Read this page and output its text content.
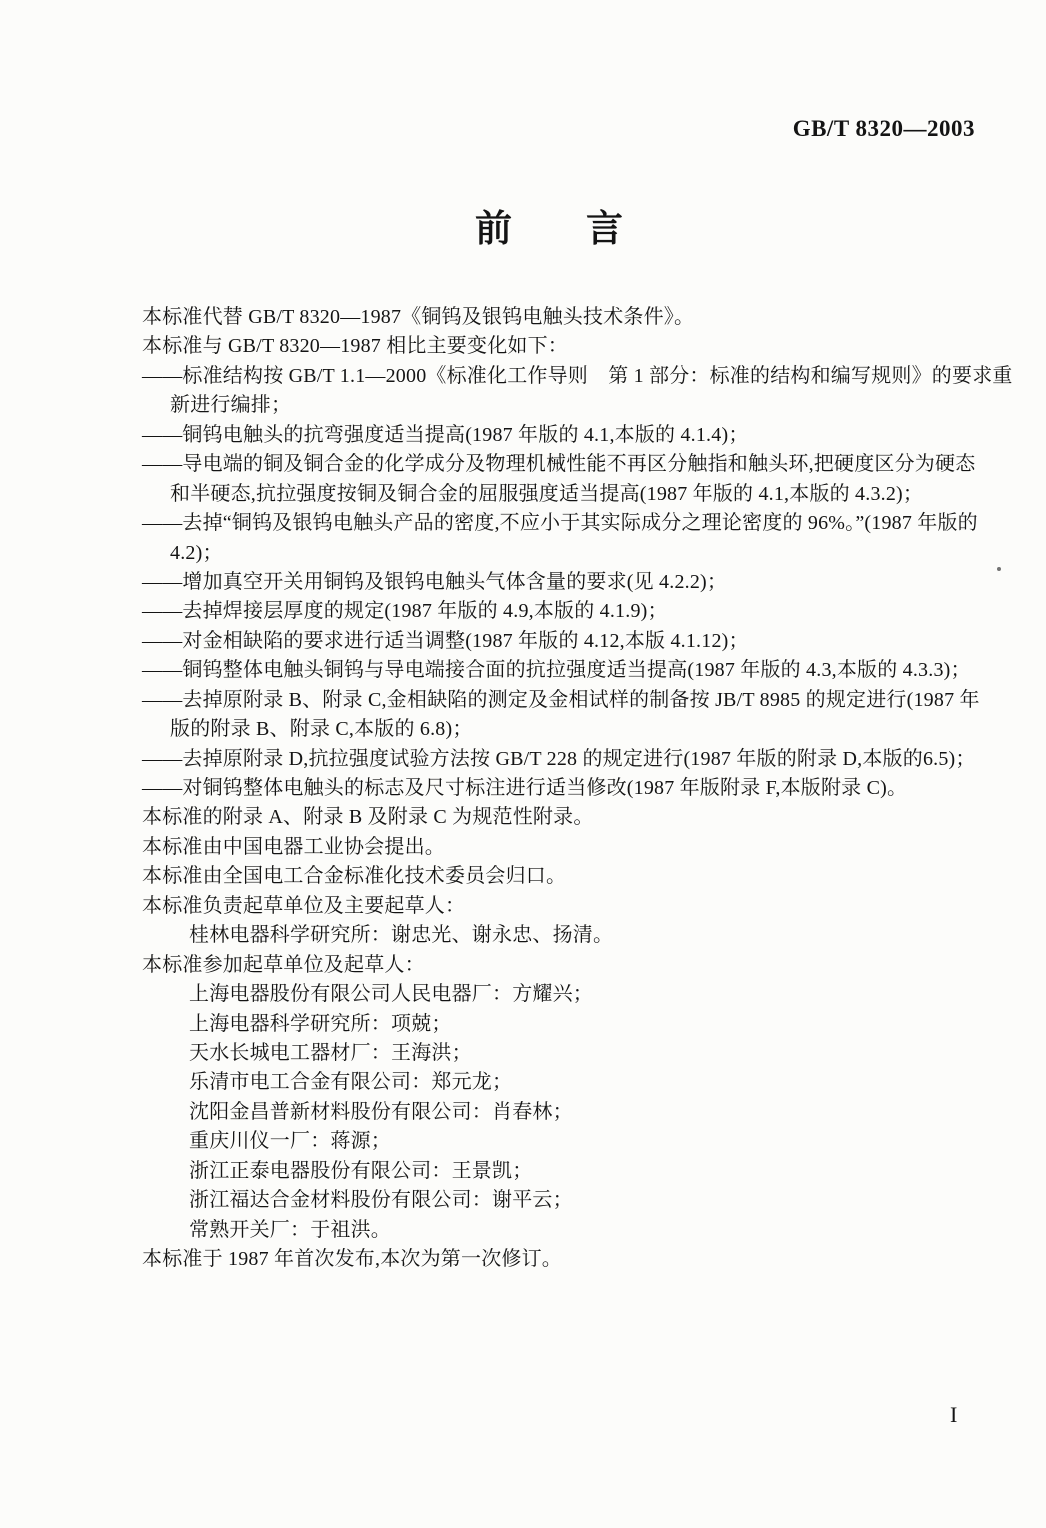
GB/T 8320—2003
前　　言
本标准代替 GB/T 8320—1987《铜钨及银钨电触头技术条件》。
本标准与 GB/T 8320—1987 相比主要变化如下：
——标准结构按 GB/T 1.1—2000《标准化工作导则　第 1 部分：标准的结构和编写规则》的要求重
新进行编排；
——铜钨电触头的抗弯强度适当提高(1987 年版的 4.1,本版的 4.1.4)；
——导电端的铜及铜合金的化学成分及物理机械性能不再区分触指和触头环,把硬度区分为硬态
和半硬态,抗拉强度按铜及铜合金的屈服强度适当提高(1987 年版的 4.1,本版的 4.3.2)；
——去掉“铜钨及银钨电触头产品的密度,不应小于其实际成分之理论密度的 96%。”(1987 年版的
4.2)；
——增加真空开关用铜钨及银钨电触头气体含量的要求(见 4.2.2)；
——去掉焊接层厚度的规定(1987 年版的 4.9,本版的 4.1.9)；
——对金相缺陷的要求进行适当调整(1987 年版的 4.12,本版 4.1.12)；
——铜钨整体电触头铜钨与导电端接合面的抗拉强度适当提高(1987 年版的 4.3,本版的 4.3.3)；
——去掉原附录 B、附录 C,金相缺陷的测定及金相试样的制备按 JB/T 8985 的规定进行(1987 年
版的附录 B、附录 C,本版的 6.8)；
——去掉原附录 D,抗拉强度试验方法按 GB/T 228 的规定进行(1987 年版的附录 D,本版的6.5)；
——对铜钨整体电触头的标志及尺寸标注进行适当修改(1987 年版附录 F,本版附录 C)。
本标准的附录 A、附录 B 及附录 C 为规范性附录。
本标准由中国电器工业协会提出。
本标准由全国电工合金标准化技术委员会归口。
本标准负责起草单位及主要起草人：
桂林电器科学研究所：谢忠光、谢永忠、扬清。
本标准参加起草单位及起草人：
上海电器股份有限公司人民电器厂：方耀兴；
上海电器科学研究所：项兢；
天水长城电工器材厂：王海洪；
乐清市电工合金有限公司：郑元龙；
沈阳金昌普新材料股份有限公司：肖春林；
重庆川仪一厂：蒋源；
浙江正泰电器股份有限公司：王景凯；
浙江福达合金材料股份有限公司：谢平云；
常熟开关厂：于祖洪。
本标准于 1987 年首次发布,本次为第一次修订。
I
